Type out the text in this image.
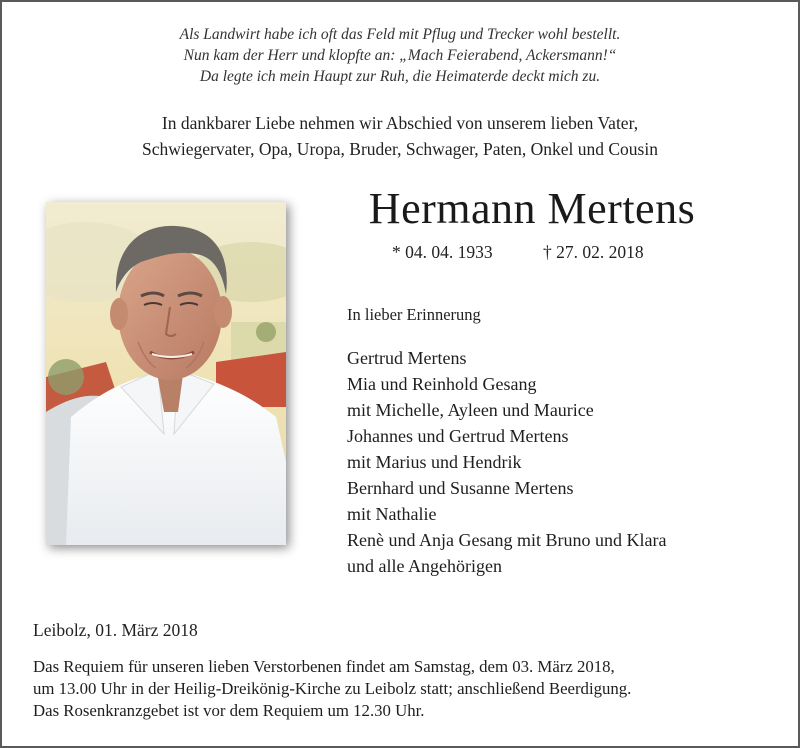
Als Landwirt habe ich oft das Feld mit Pflug und Trecker wohl bestellt.
Nun kam der Herr und klopfte an: „Mach Feierabend, Ackersmann!“
Da legte ich mein Haupt zur Ruh, die Heimaterde deckt mich zu.
In dankbarer Liebe nehmen wir Abschied von unserem lieben Vater,
Schwiegervater, Opa, Uropa, Bruder, Schwager, Paten, Onkel und Cousin
Hermann Mertens
* 04. 04. 1933	† 27. 02. 2018
In lieber Erinnerung
Gertrud Mertens
Mia und Reinhold Gesang
mit Michelle, Ayleen und Maurice
Johannes und Gertrud Mertens
mit Marius und Hendrik
Bernhard und Susanne Mertens
mit Nathalie
Renè und Anja Gesang mit Bruno und Klara
und alle Angehörigen
Leibolz, 01. März 2018
Das Requiem für unseren lieben Verstorbenen findet am Samstag, dem 03. März 2018,
um 13.00 Uhr in der Heilig-Dreikönig-Kirche zu Leibolz statt; anschließend Beerdigung.
Das Rosenkranzgebet ist vor dem Requiem um 12.30 Uhr.
